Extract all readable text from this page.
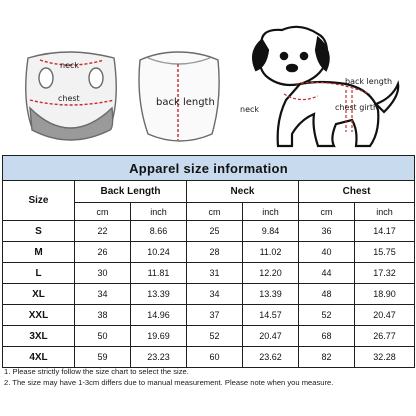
neck
chest	back length
back length
neck	chest girth
Apparel size information						
Size	Back Length		Neck		Chest	
	cm	inch	cm	inch	cm	inch
S	22	8.66	25	9.84	36	14.17
M	26	10.24	28	11.02	40	15.75
L	30	11.81	31	12.20	44	17.32
XL	34	13.39	34	13.39	48	18.90
XXL	38	14.96	37	14.57	52	20.47
3XL	50	19.69	52	20.47	68	26.77
4XL	59	23.23	60	23.62	82	32.28
1. Please strictly follow the size chart to select the size.
2. The size may have 1-3cm differs due to manual measurement. Please note when you measure.
